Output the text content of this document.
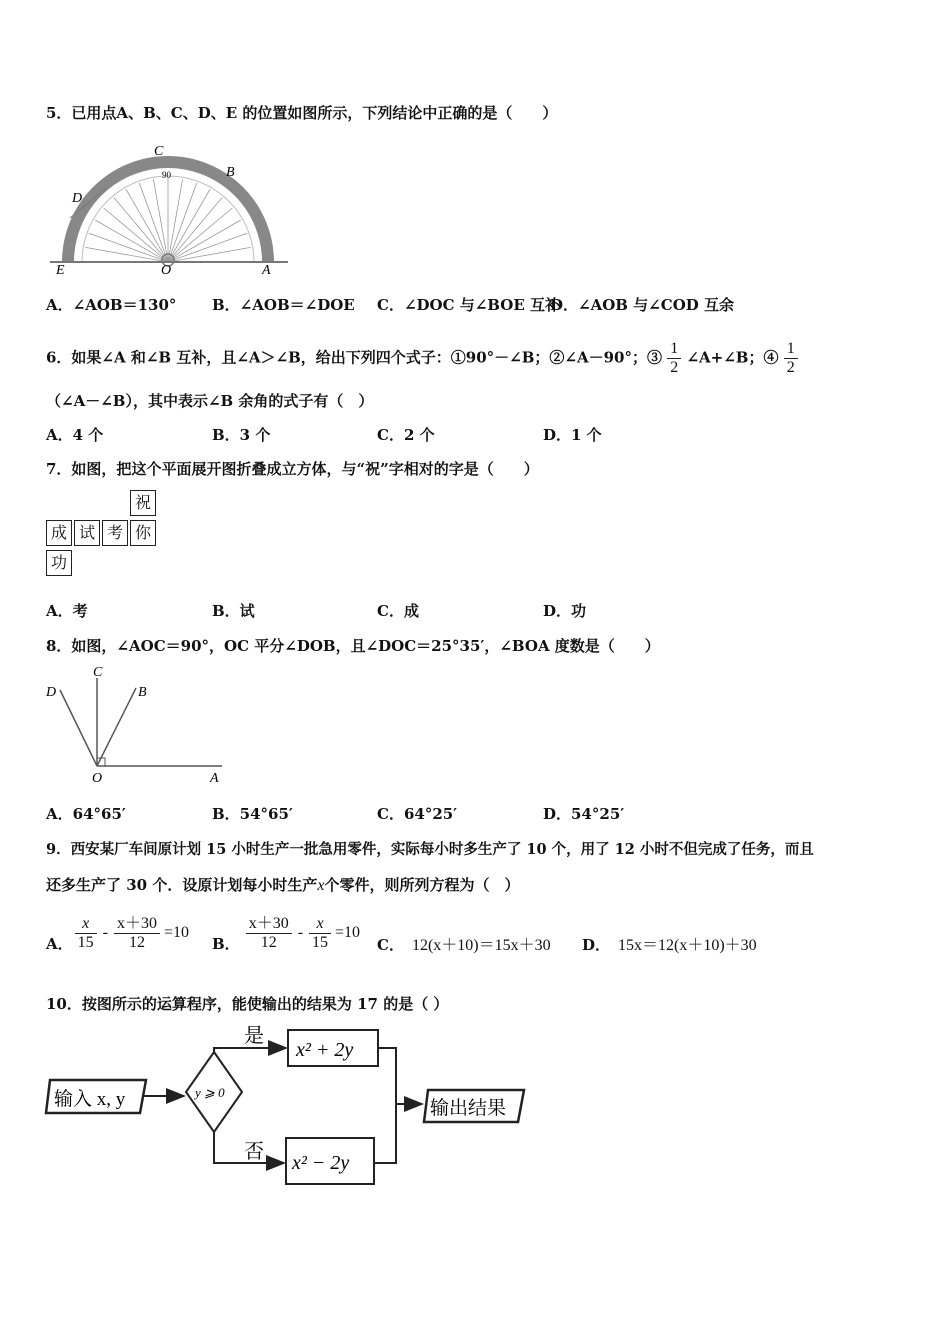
5．已用点A、B、C、D、E 的位置如图所示，下列结论中正确的是（　　）
C
B
D
E	O	A
90
A．∠AOB＝130° B．∠AOB＝∠DOE C．∠DOC 与∠BOE 互补
D．∠AOB 与∠COD 互余
6．如果∠A 和∠B 互补，且∠A＞∠B，给出下列四个式子：①90°－∠B；②∠A－90°；③ $\frac{1}{2}$ ∠A+∠B；④ $\frac{1}{2}$
（∠A－∠B），其中表示∠B 余角的式子有（　）
A．4 个	B．3 个	C．2 个	D．1 个
7．如图，把这个平面展开图折叠成立方体，与“祝”字相对的字是（　　）
祝
成 试 考 你
功
A．考	B．试	C．成	D．功
8．如图，∠AOC＝90°，OC 平分∠DOB，且∠DOC＝25°35′，∠BOA 度数是（　　）
C
D	B
O	A
A．64°65′	B．54°65′	C．64°25′	D．54°25′
9．西安某厂车间原计划 15 小时生产一批急用零件，实际每小时多生产了 10 个，用了 12 小时不但完成了任务，而且
还多生产了 30 个．设原计划每小时生产x个零件，则所列方程为（　）
A． $\frac{x}{15} - \frac{x+30}{12} =10$
B． $\frac{x+30}{12} - \frac{x}{15} =10$
C． 12(x＋10)＝15x＋30 D． 15x＝12(x＋10)＋30
10．按图所示的运算程序，能使输出的结果为 17 的是（ ）
输入 x, y	y ⩾ 0
是
x² + 2y
否 x² − 2y
输出结果
